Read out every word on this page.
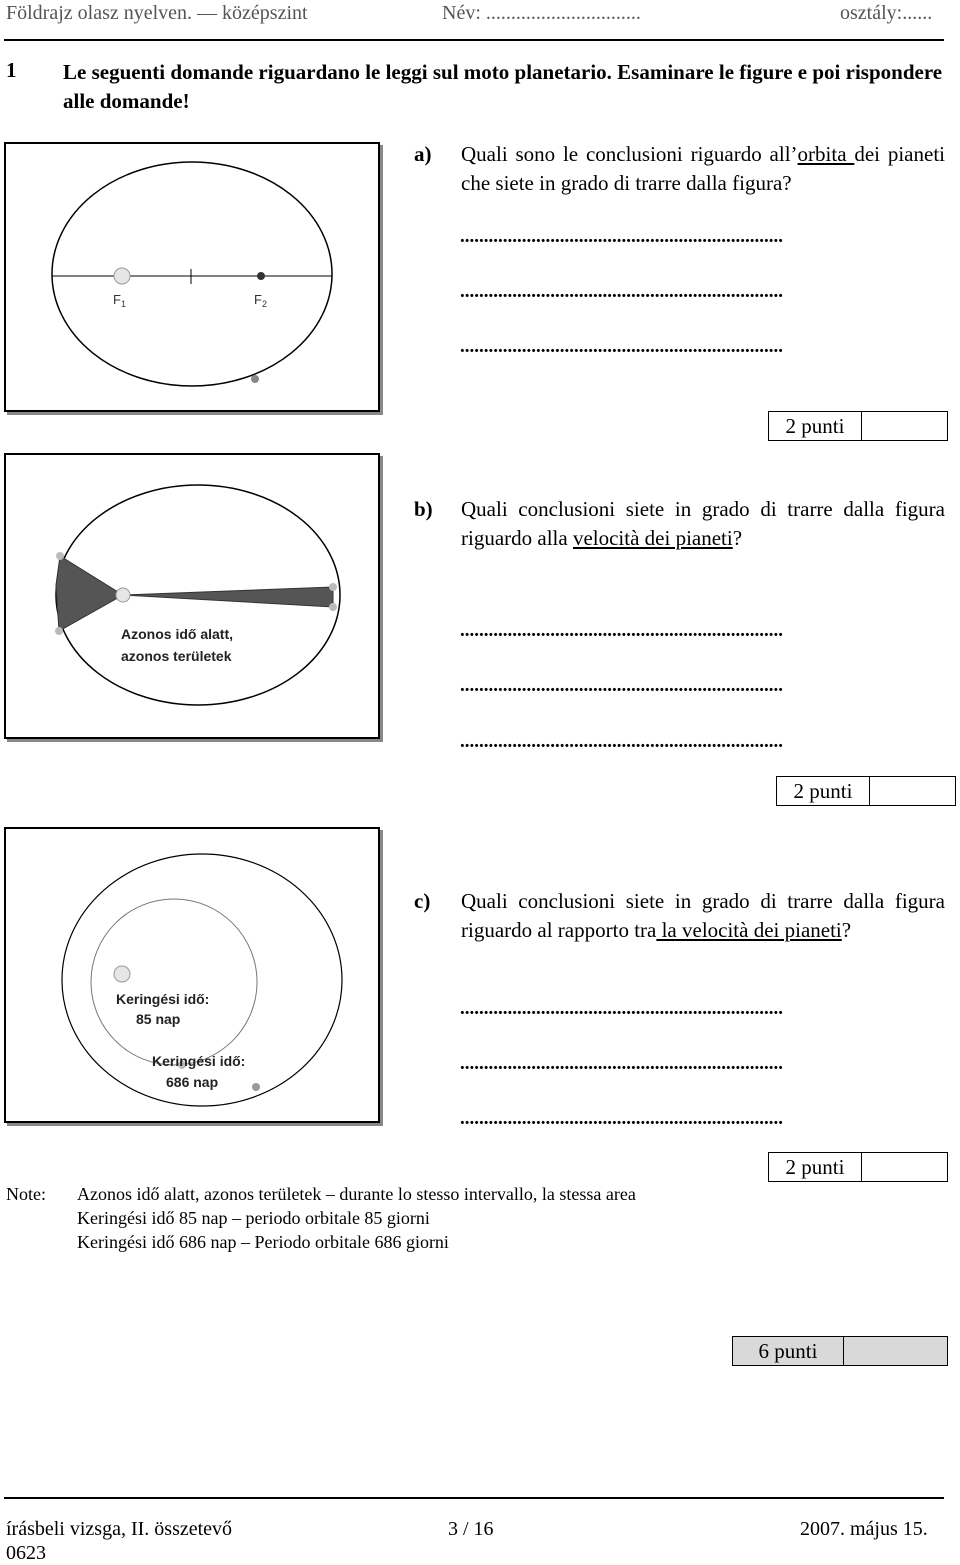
Földrajz olasz nyelven. — középszint	Név: ...............................	osztály:......
1 Le seguenti domande riguardano le leggi sul moto planetario. Esaminare le figure e poi rispondere alle domande!
$F_1$	$F_2$
a) Quali sono le conclusioni riguardo all’orbita dei pianeti che siete in grado di trarre dalla figura?
....................................................................
....................................................................
....................................................................
2 punti
Azonos idő alatt,
azonos területek
b) Quali conclusioni siete in grado di trarre dalla figura riguardo alla velocità dei pianeti?
....................................................................
....................................................................
....................................................................
2 punti
Keringési idő:
85 nap
Keringési idő:
686 nap
c) Quali conclusioni siete in grado di trarre dalla figura riguardo al rapporto tra la velocità dei pianeti?
....................................................................
....................................................................
....................................................................
2 punti
Note: Azonos idő alatt, azonos területek – durante lo stesso intervallo, la stessa area
Keringési idő 85 nap – periodo orbitale 85 giorni
Keringési idő 686 nap – Periodo orbitale 686 giorni
6 punti
írásbeli vizsga, II. összetevő	3 / 16	2007. május 15.
0623
